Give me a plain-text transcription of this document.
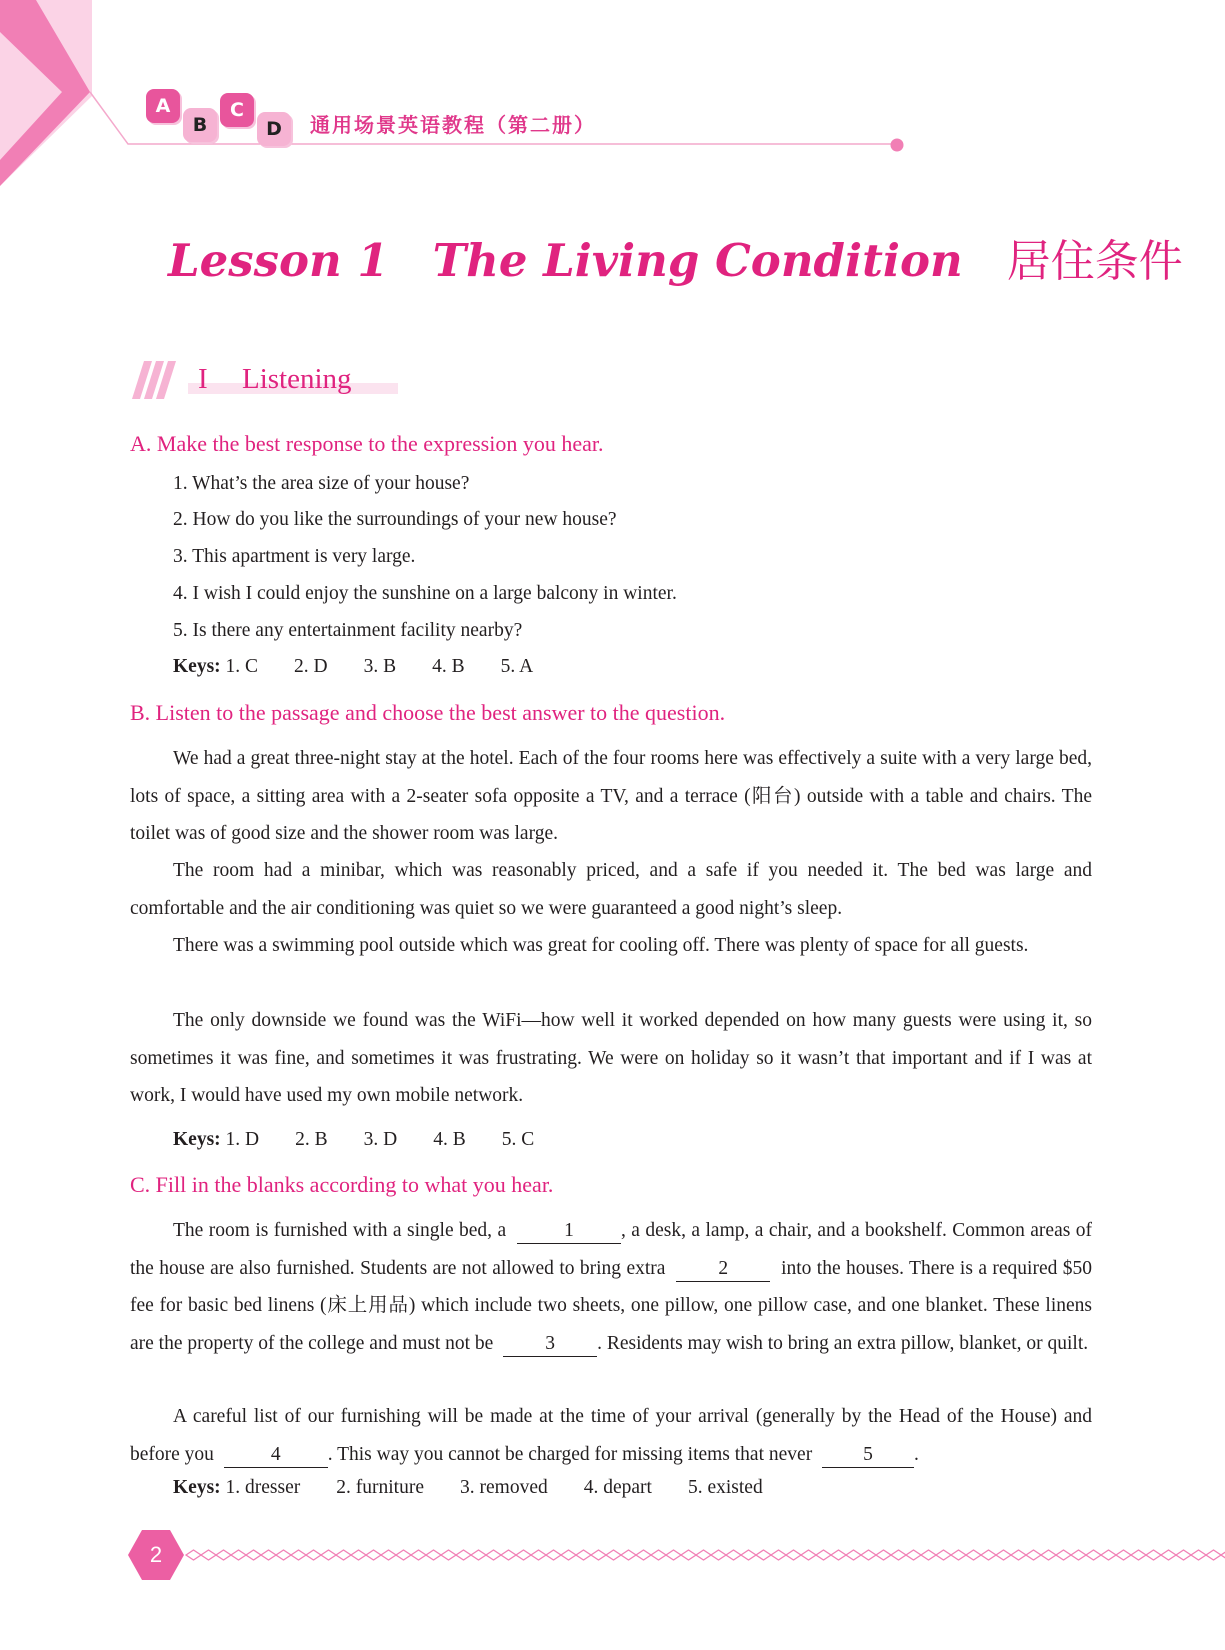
A
B
C
D	通用场景英语教程（第二册）
Lesson 1 The Living Condition 居住条件
I Listening
A. Make the best response to the expression you hear.
1. What’s the area size of your house?
2. How do you like the surroundings of your new house?
3. This apartment is very large.
4. I wish I could enjoy the sunshine on a large balcony in winter.
5. Is there any entertainment facility nearby?
Keys: 1. C 2. D 3. B 4. B 5. A
B. Listen to the passage and choose the best answer to the question.

We had a great three-night stay at the hotel. Each of the four rooms here was effectively a suite with a very large bed, lots of space, a sitting area with a 2-seater sofa opposite a TV, and a terrace (阳台) outside with a table and chairs. The toilet was of good size and the shower room was large.

The room had a minibar, which was reasonably priced, and a safe if you needed it. The bed was large and comfortable and the air conditioning was quiet so we were guaranteed a good night’s sleep.

There was a swimming pool outside which was great for cooling off. There was plenty of space for all guests.

The only downside we found was the WiFi—how well it worked depended on how many guests were using it, so sometimes it was fine, and sometimes it was frustrating. We were on holiday so it wasn’t that important and if I was at work, I would have used my own mobile network.

Keys: 1. D 2. B 3. D 4. B 5. C
C. Fill in the blanks according to what you hear.

The room is furnished with a single bed, a	1 , a desk, a lamp, a chair, and a bookshelf. Common areas of the house are also furnished. Students are not allowed to bring extra	2	into the houses. There is a required $50 fee for basic bed linens (床上用品) which include two sheets, one pillow, one pillow case, and one blanket. These linens are the property of the college and must not be	3 . Residents may wish to bring an extra pillow, blanket, or quilt.

A careful list of our furnishing will be made at the time of your arrival (generally by the Head of the House) and before you	4 . This way you cannot be charged for missing items that never	5 .

Keys: 1. dresser 2. furniture 3. removed 4. depart 5. existed
2
